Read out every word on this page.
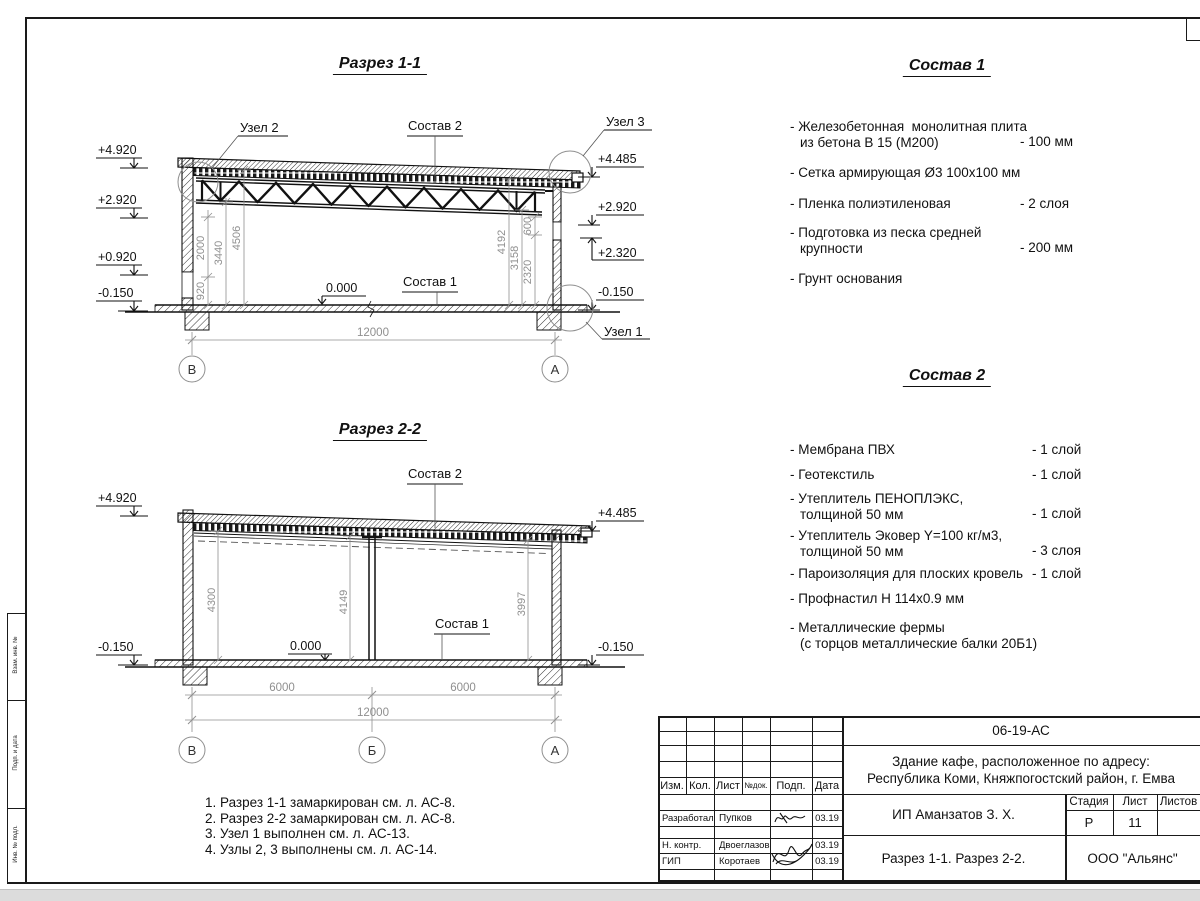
Взам. инв. №
Подп. и дата
Инв. № подл.
Разрез 1-1
Разрез 2-2
Состав 1
Состав 2
920
2000 3440
4506	4192
3158
2320
600
12000
В	А
+4.920
+2.920
+0.920
-0.150
+4.485
+2.920
+2.320
-0.150
0.000
Узел 2	Состав 2	Узел 3
Узел 1
Состав 1
4300	4149	3997
6000	6000
12000
В	Б	А
+4.920
-0.150
+4.485
-0.150
0.000
Состав 2
Состав 1
- Железобетонная  монолитная плита
из бетона В 15 (М200)	- 100 мм
- Сетка армирующая Ø3 100х100 мм
- Пленка полиэтиленовая	- 2 слоя
- Подготовка из песка средней
крупности	- 200 мм
- Грунт основания
- Мембрана ПВХ	- 1 слой
- Геотекстиль	- 1 слой
- Утеплитель ПЕНОПЛЭКС,
толщиной 50 мм	- 1 слой
- Утеплитель Эковер Y=100 кг/м3,
толщиной 50 мм	- 3 слоя
- Пароизоляция для плоских кровель - 1 слой
- Профнастил Н 114х0.9 мм
- Металлические фермы
(с торцов металлические балки 20Б1)
1. Разрез 1-1 замаркирован см. л. АС-8.
2. Разрез 2-2 замаркирован см. л. АС-8.
3. Узел 1 выполнен см. л. АС-13.
4. Узлы 2, 3 выполнены см. л. АС-14.
Изм. Кол. Лист №док. Подп. Дата
Разработал Пупков	03.19
Н. контр.	Двоеглазов	03.19
ГИП	Коротаев	03.19
06-19-АС
Здание кафе, расположенное по адресу:
Республика Коми, Княжпогостский район, г. Емва
ИП Аманзатов З. Х.
Стадия	Лист	Листов
Р	11
Разрез 1-1. Разрез 2-2.	ООО "Альянс"
